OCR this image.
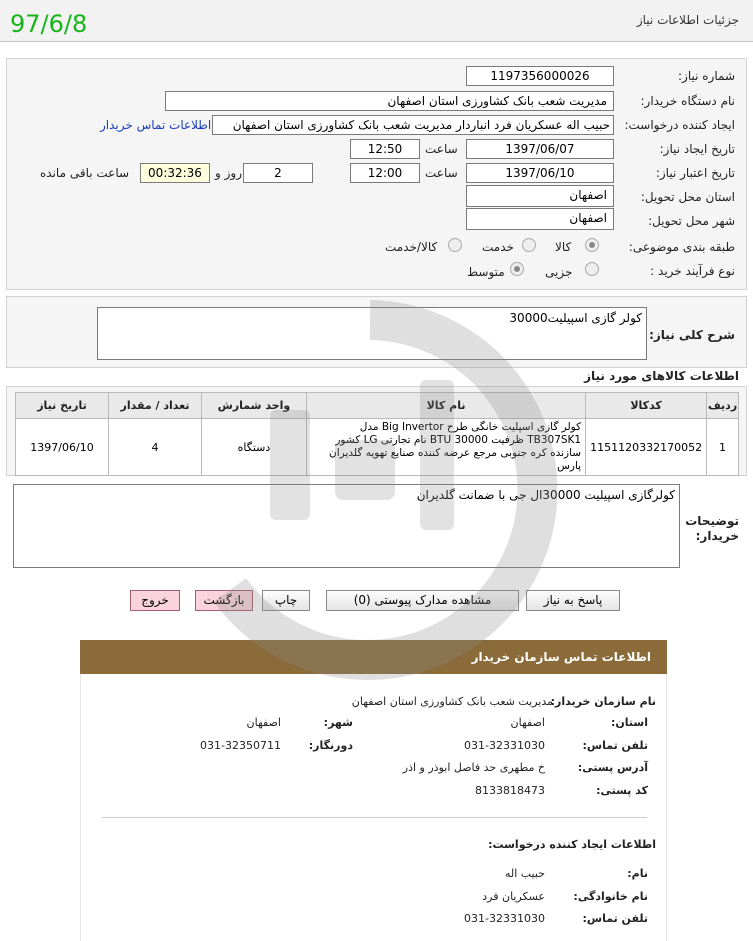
جزئیات اطلاعات نیاز
97/6/8
شماره نیاز:
1197356000026
نام دستگاه خریدار:
مدیریت شعب بانک کشاورزی استان اصفهان
ایجاد کننده درخواست:
حبیب اله عسکریان فرد انباردار مدیریت شعب بانک کشاورزی استان اصفهان
اطلاعات تماس خریدار
تاریخ ایجاد نیاز:
1397/06/07
ساعت
12:50
تاریخ اعتبار نیاز:
1397/06/10
ساعت
12:00
2
روز و
00:32:36
ساعت باقی مانده
استان محل تحویل:
اصفهان
شهر محل تحویل:
اصفهان
طبقه بندی موضوعی:
کالا
خدمت
کالا/خدمت
نوع فرآیند خرید :
جزیی
متوسط
شرح کلی نیاز:
کولر گازی اسپیلیت30000
اطلاعات کالاهای مورد نیاز
ردیف	کدکالا	نام کالا	واحد شمارش	تعداد / مقدار	تاریخ نیاز
1	1151120332170052	کولر گازی اسپلیت خانگی طرح Big Invertor مدل
TB307SK1 ظرفیت BTU 30000 نام تجارتی LG کشور
سازنده کره جنوبی مرجع عرضه کننده صنایع تهویه گلدیران
پارس	دستگاه	4	1397/06/10
توضیحات
خریدار:
کولرگازی اسپیلیت 30000ال جی با ضمانت گلدیران
پاسخ به نیاز
مشاهده مدارک پیوستی (0)
چاپ
بازگشت
خروج
اطلاعات تماس سازمان خریدار
نام سازمان خریدار:
مدیریت شعب بانک کشاورزی استان اصفهان
استان:
اصفهان
شهر:
اصفهان
تلفن تماس:
031-32331030
دورنگار:
031-32350711
آدرس پستی:
خ مطهری حد فاصل ابوذر و اذر
کد پستی:
8133818473
اطلاعات ایجاد کننده درخواست:
نام:
حبیب اله
نام خانوادگی:
عسکریان فرد
تلفن تماس:
031-32331030
